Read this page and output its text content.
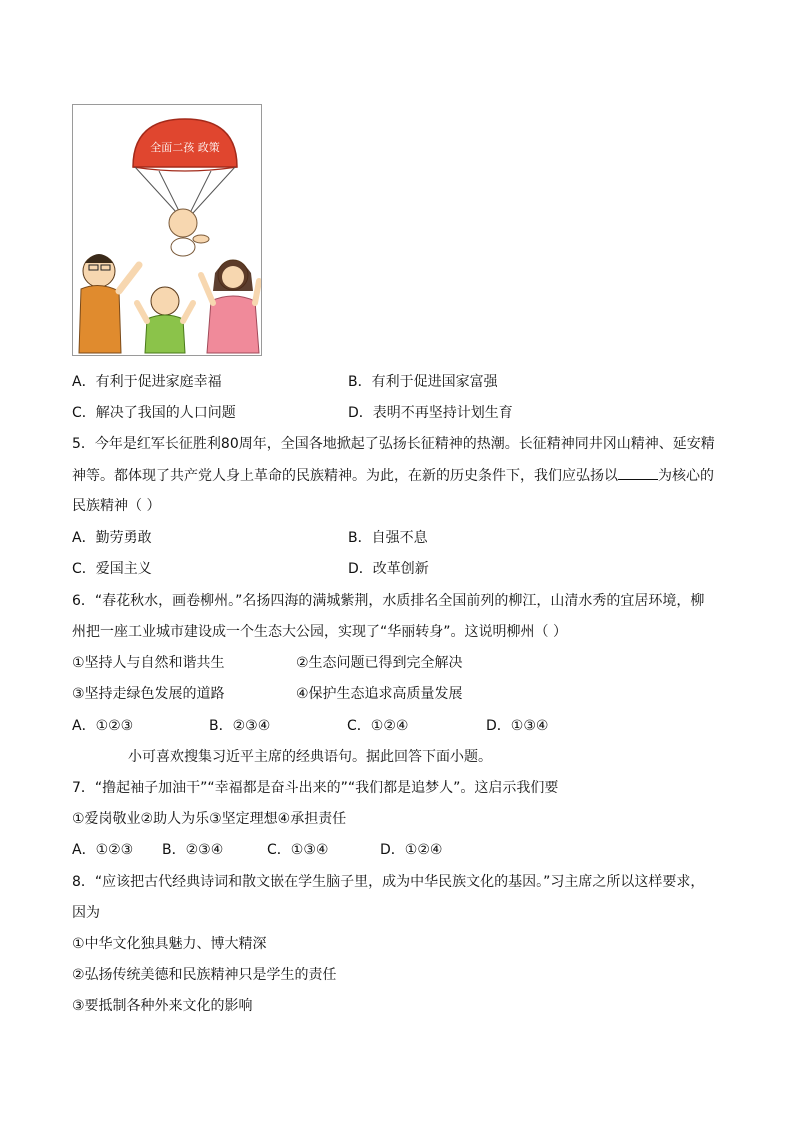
全面二孩 政策
A．有利于促进家庭幸福	B．有利于促进国家富强
C．解决了我国的人口问题	D．表明不再坚持计划生育
5．今年是红军长征胜利80周年，全国各地掀起了弘扬长征精神的热潮。长征精神同井冈山精神、延安精
神等。都体现了共产党人身上革命的民族精神。为此，在新的历史条件下，我们应弘扬以	为核心的
民族精神（ ）
A．勤劳勇敢	B．自强不息
C．爱国主义	D．改革创新
6．“春花秋水，画卷柳州。”名扬四海的满城紫荆，水质排名全国前列的柳江，山清水秀的宜居环境，柳
州把一座工业城市建设成一个生态大公园，实现了“华丽转身”。这说明柳州（ ）
①坚持人与自然和谐共生	②生态问题已得到完全解决
③坚持走绿色发展的道路	④保护生态追求高质量发展
A．①②③	B．②③④	C．①②④	D．①③④
小可喜欢搜集习近平主席的经典语句。据此回答下面小题。
7．“撸起袖子加油干”“幸福都是奋斗出来的”“我们都是追梦人”。这启示我们要
①爱岗敬业②助人为乐③坚定理想④承担责任
A．①②③ B．②③④	C．①③④	D．①②④
8．“应该把古代经典诗词和散文嵌在学生脑子里，成为中华民族文化的基因。”习主席之所以这样要求，
因为
①中华文化独具魅力、博大精深
②弘扬传统美德和民族精神只是学生的责任
③要抵制各种外来文化的影响
